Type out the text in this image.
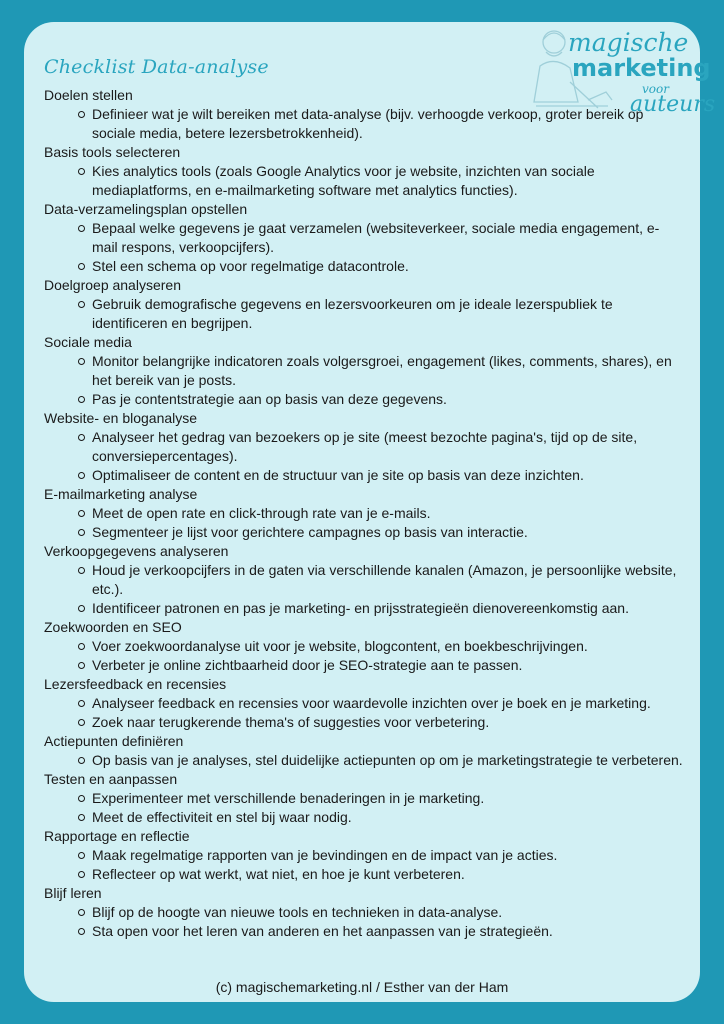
Checklist Data-analyse
magische
marketing
voor
auteurs
Doelen stellen
Definieer wat je wilt bereiken met data-analyse (bijv. verhoogde verkoop, groter bereik op sociale media, betere lezersbetrokkenheid).
Basis tools selecteren
Kies analytics tools (zoals Google Analytics voor je website, inzichten van sociale mediaplatforms, en e-mailmarketing software met analytics functies).
Data-verzamelingsplan opstellen
Bepaal welke gegevens je gaat verzamelen (websiteverkeer, sociale media engagement, e-mail respons, verkoopcijfers).
Stel een schema op voor regelmatige datacontrole.
Doelgroep analyseren
Gebruik demografische gegevens en lezersvoorkeuren om je ideale lezerspubliek te identificeren en begrijpen.
Sociale media
Monitor belangrijke indicatoren zoals volgersgroei, engagement (likes, comments, shares), en het bereik van je posts.
Pas je contentstrategie aan op basis van deze gegevens.
Website- en bloganalyse
Analyseer het gedrag van bezoekers op je site (meest bezochte pagina's, tijd op de site, conversiepercentages).
Optimaliseer de content en de structuur van je site op basis van deze inzichten.
E-mailmarketing analyse
Meet de open rate en click-through rate van je e-mails.
Segmenteer je lijst voor gerichtere campagnes op basis van interactie.
Verkoopgegevens analyseren
Houd je verkoopcijfers in de gaten via verschillende kanalen (Amazon, je persoonlijke website, etc.).
Identificeer patronen en pas je marketing- en prijsstrategieën dienovereenkomstig aan.
Zoekwoorden en SEO
Voer zoekwoordanalyse uit voor je website, blogcontent, en boekbeschrijvingen.
Verbeter je online zichtbaarheid door je SEO-strategie aan te passen.
Lezersfeedback en recensies
Analyseer feedback en recensies voor waardevolle inzichten over je boek en je marketing.
Zoek naar terugkerende thema's of suggesties voor verbetering.
Actiepunten definiëren
Op basis van je analyses, stel duidelijke actiepunten op om je marketingstrategie te verbeteren.
Testen en aanpassen
Experimenteer met verschillende benaderingen in je marketing.
Meet de effectiviteit en stel bij waar nodig.
Rapportage en reflectie
Maak regelmatige rapporten van je bevindingen en de impact van je acties.
Reflecteer op wat werkt, wat niet, en hoe je kunt verbeteren.
Blijf leren
Blijf op de hoogte van nieuwe tools en technieken in data-analyse.
Sta open voor het leren van anderen en het aanpassen van je strategieën.
(c) magischemarketing.nl / Esther van der Ham
